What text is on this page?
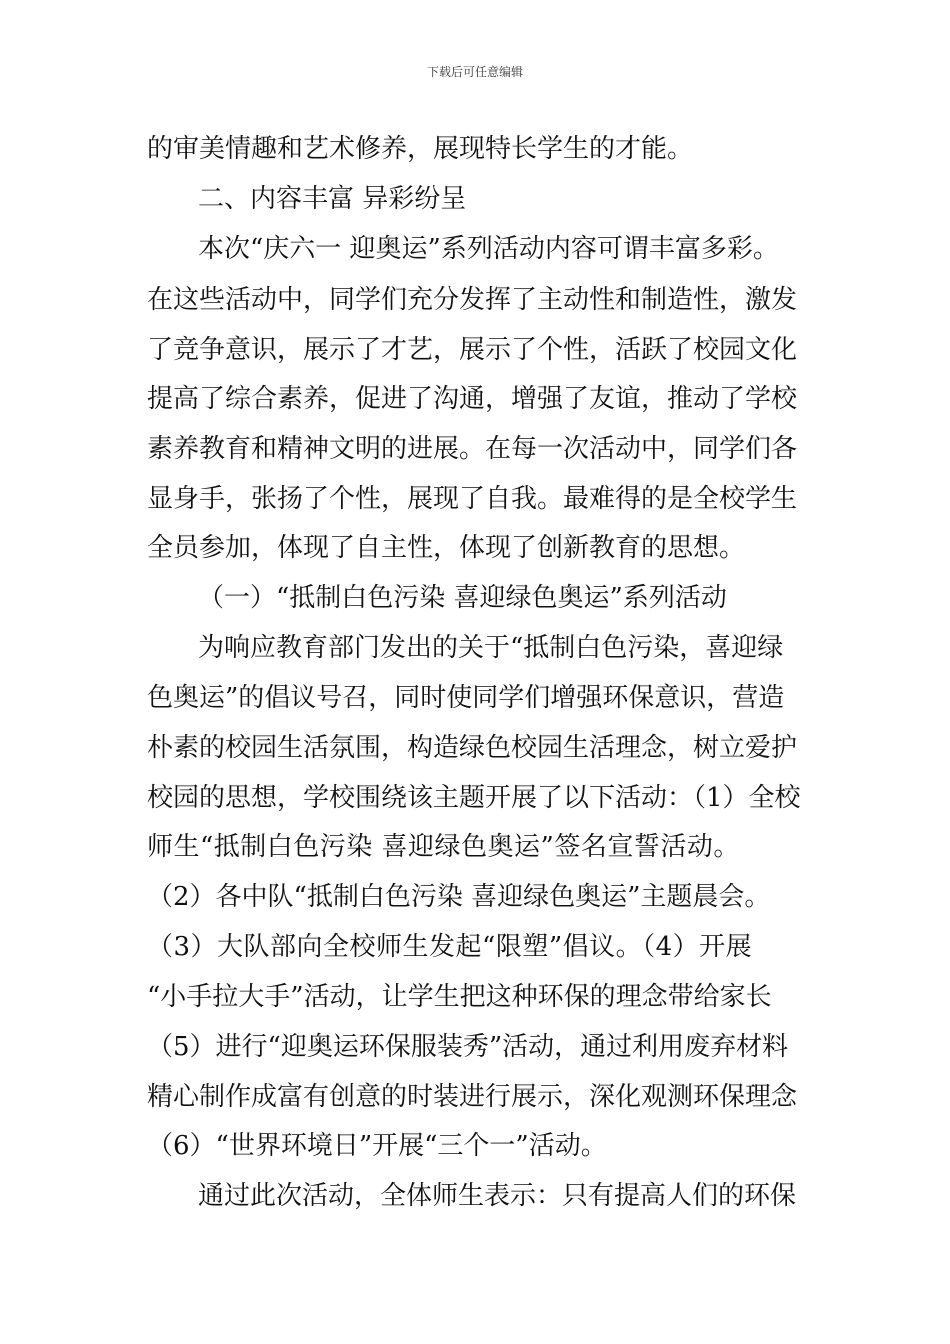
下载后可任意编辑
的审美情趣和艺术修养，展现特长学生的才能。
二、内容丰富 异彩纷呈
本次“庆六一 迎奥运”系列活动内容可谓丰富多彩。
在这些活动中，同学们充分发挥了主动性和制造性，激发
了竞争意识，展示了才艺，展示了个性，活跃了校园文化
提高了综合素养，促进了沟通，增强了友谊，推动了学校
素养教育和精神文明的进展。在每一次活动中，同学们各
显身手，张扬了个性，展现了自我。最难得的是全校学生
全员参加，体现了自主性，体现了创新教育的思想。
（一）“抵制白色污染 喜迎绿色奥运”系列活动
为响应教育部门发出的关于“抵制白色污染，喜迎绿
色奥运”的倡议号召，同时使同学们增强环保意识，营造
朴素的校园生活氛围，构造绿色校园生活理念，树立爱护
校园的思想，学校围绕该主题开展了以下活动：（1）全校
师生“抵制白色污染 喜迎绿色奥运”签名宣誓活动。
（2）各中队“抵制白色污染 喜迎绿色奥运”主题晨会。
（3）大队部向全校师生发起“限塑”倡议。（4）开展
“小手拉大手”活动，让学生把这种环保的理念带给家长
（5）进行“迎奥运环保服装秀”活动，通过利用废弃材料
精心制作成富有创意的时装进行展示，深化观测环保理念
（6）“世界环境日”开展“三个一”活动。
通过此次活动，全体师生表示：只有提高人们的环保
